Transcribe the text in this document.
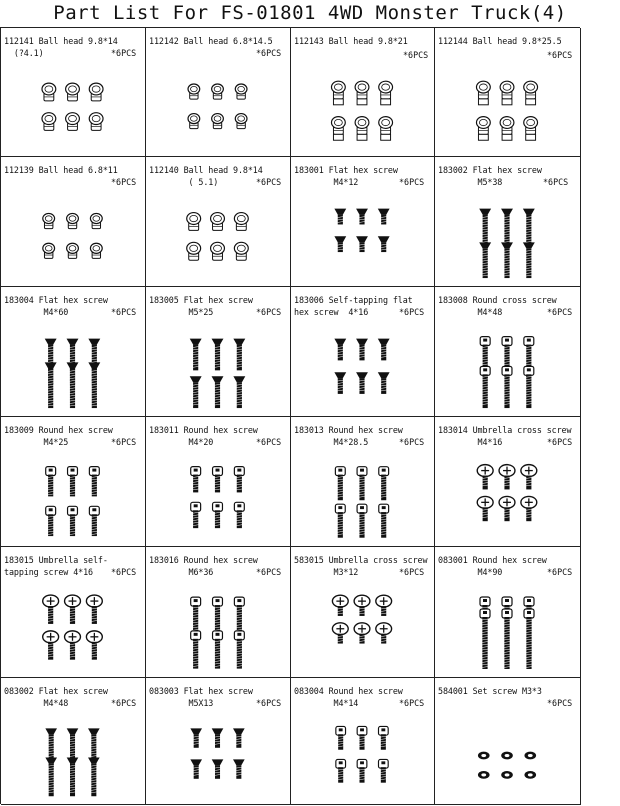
Part List For FS-01801 4WD Monster Truck(4)
112141 Ball head 9.8*14
(?4.1)	*6PCS
112142 Ball head 6.8*14.5
*6PCS
112143 Ball head 9.8*21
*6PCS
112144 Ball head 9.8*25.5
*6PCS
112139 Ball head 6.8*11
*6PCS
112140 Ball head 9.8*14
( 5.1)	*6PCS
183001 Flat hex screw
M4*12	*6PCS
183002 Flat hex screw
M5*38	*6PCS
183004 Flat hex screw
M4*60	*6PCS
183005 Flat hex screw
M5*25	*6PCS
183006 Self-tapping flat
hex screw  4*16	*6PCS
183008 Round cross screw
M4*48	*6PCS
183009 Round hex screw
M4*25	*6PCS
183011 Round hex screw
M4*20	*6PCS
183013 Round hex screw
M4*28.5	*6PCS
183014 Umbrella cross screw
M4*16	*6PCS
183015 Umbrella self-
tapping screw 4*16	*6PCS
183016 Round hex screw
M6*36	*6PCS
583015 Umbrella cross screw
M3*12	*6PCS
083001 Round hex screw
M4*90	*6PCS
083002 Flat hex screw
M4*48	*6PCS
083003 Flat hex screw
M5X13	*6PCS
083004 Round hex screw
M4*14	*6PCS
584001 Set screw M3*3
*6PCS
